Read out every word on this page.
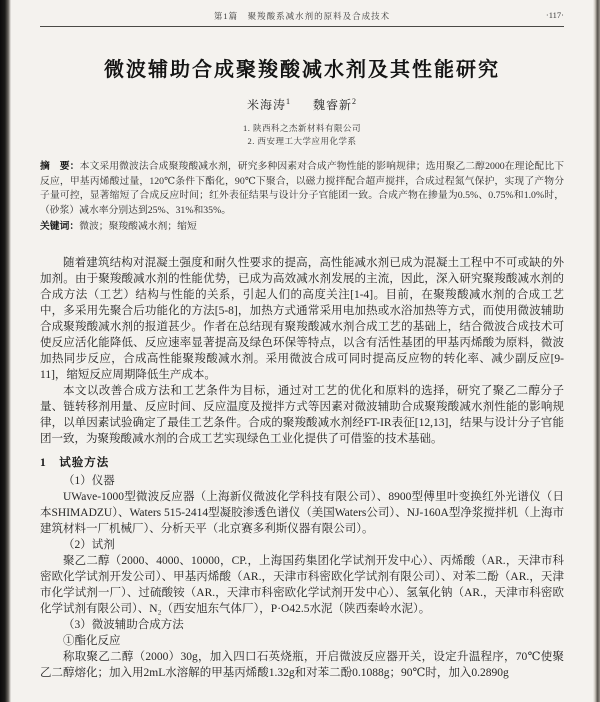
第1篇　聚羧酸系减水剂的原料及合成技术	·117·
微波辅助合成聚羧酸减水剂及其性能研究
米海涛$^1$ 魏睿新$^2$
1. 陕西科之杰新材料有限公司
2. 西安理工大学应用化学系
摘　要：本文采用微波法合成聚羧酸减水剂，研究多种因素对合成产物性能的影响规律；选用聚乙二醇2000在理论配比下反应，甲基丙烯酸过量，120℃条件下酯化，90℃下聚合，以磁力搅拌配合超声搅拌，合成过程氮气保护，实现了产物分子量可控，显著缩短了合成反应时间；红外表征结果与设计分子官能团一致。合成产物在掺量为0.5%、0.75%和1.0%时，（砂浆）减水率分别达到25%、31%和35%。
关键词：微波；聚羧酸减水剂；缩短

随着建筑结构对混凝土强度和耐久性要求的提高，高性能减水剂已成为混凝土工程中不可或缺的外加剂。由于聚羧酸减水剂的性能优势，已成为高效减水剂发展的主流，因此，深入研究聚羧酸减水剂的合成方法（工艺）结构与性能的关系，引起人们的高度关注[1-4]。目前，在聚羧酸减水剂的合成工艺中，多采用先聚合后功能化的方法[5-8]，加热方式通常采用电加热或水浴加热等方式，而使用微波辅助合成聚羧酸减水剂的报道甚少。作者在总结现有聚羧酸减水剂合成工艺的基础上，结合微波合成技术可使反应活化能降低、反应速率显著提高及绿色环保等特点，以含有活性基团的甲基丙烯酸为原料，微波加热同步反应，合成高性能聚羧酸减水剂。采用微波合成可同时提高反应物的转化率、减少副反应[9-11]，缩短反应周期降低生产成本。

本文以改善合成方法和工艺条件为目标，通过对工艺的优化和原料的选择，研究了聚乙二醇分子量、链转移剂用量、反应时间、反应温度及搅拌方式等因素对微波辅助合成聚羧酸减水剂性能的影响规律，以单因素试验确定了最佳工艺条件。合成的聚羧酸减水剂经FT-IR表征[12,13]，结果与设计分子官能团一致，为聚羧酸减水剂的合成工艺实现绿色工业化提供了可借鉴的技术基础。

1　试验方法

（1）仪器

UWave-1000型微波反应器（上海新仪微波化学科技有限公司）、8900型傅里叶变换红外光谱仪（日本SHIMADZU）、Waters 515-2414型凝胶渗透色谱仪（美国Waters公司）、NJ-160A型净浆搅拌机（上海市建筑材料一厂机械厂）、分析天平（北京赛多利斯仪器有限公司）。

（2）试剂

聚乙二醇（2000、4000、10000，CP.，上海国药集团化学试剂开发中心）、丙烯酸（AR.，天津市科密欧化学试剂开发公司）、甲基丙烯酸（AR.，天津市科密欧化学试剂有限公司）、对苯二酚（AR.，天津市化学试剂一厂）、过硫酸铵（AR.，天津市科密欧化学试剂开发中心）、氢氧化钠（AR.，天津市科密欧化学试剂有限公司）、N₂（西安旭东气体厂），P·O42.5水泥（陕西秦岭水泥）。

（3）微波辅助合成方法

①酯化反应

称取聚乙二醇（2000）30g，加入四口石英烧瓶，开启微波反应器开关，设定升温程序，70℃使聚乙二醇熔化；加入用2mL水溶解的甲基丙烯酸1.32g和对苯二酚0.1088g；90℃时，加入0.2890g
